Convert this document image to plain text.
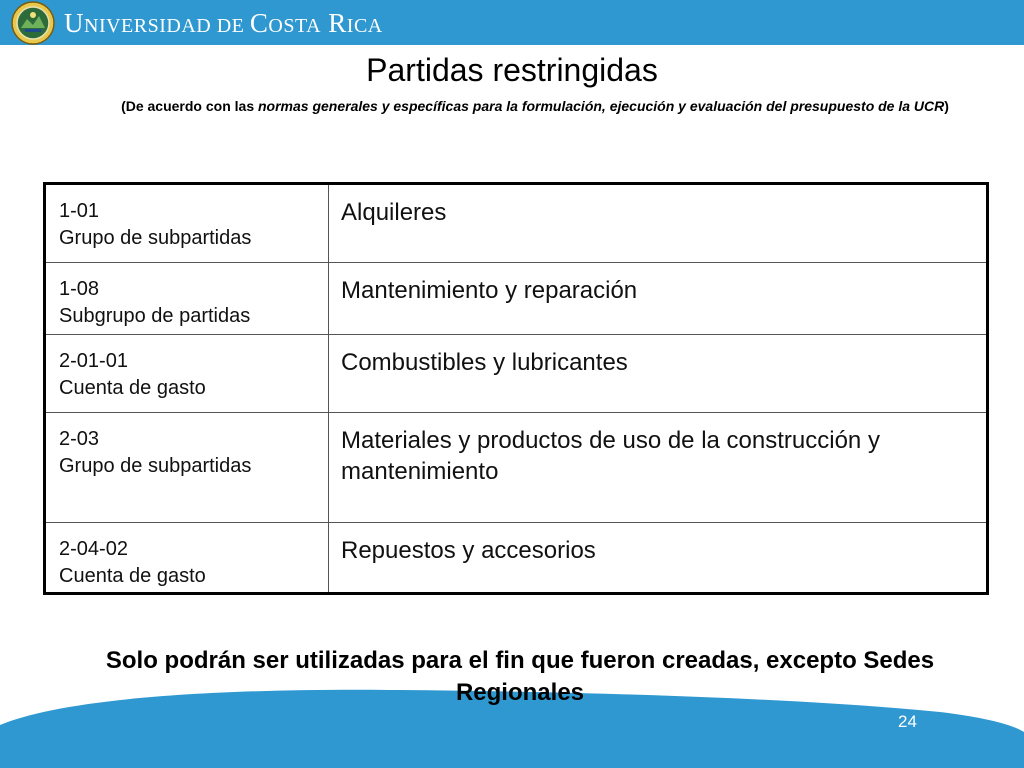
UNIVERSIDAD DE COSTA RICA
Partidas restringidas
(De acuerdo con las normas generales y específicas para la formulación, ejecución y evaluación del presupuesto de la UCR)
1-01
Grupo de subpartidas	Alquileres

1-08
Subgrupo de partidas	Mantenimiento y reparación

2-01-01
Cuenta de gasto	Combustibles y lubricantes

2-03
Grupo de subpartidas	Materiales y productos de uso de la construcción y mantenimiento

2-04-02
Cuenta de gasto	Repuestos y accesorios
Solo podrán ser utilizadas para el fin que fueron creadas, excepto Sedes Regionales
24
